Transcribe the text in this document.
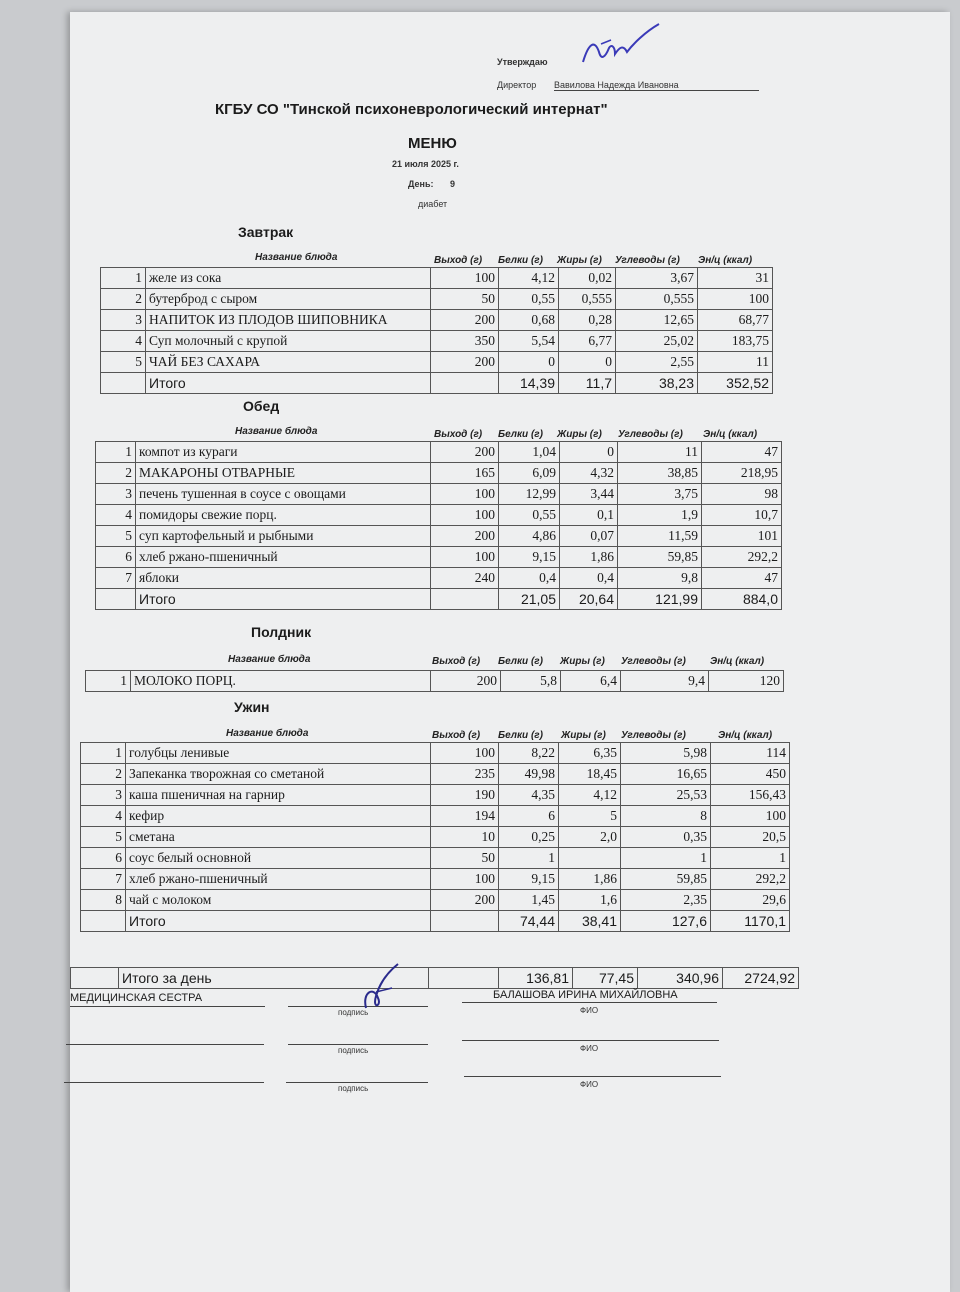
Утверждаю
Директор Вавилова Надежда Ивановна
КГБУ СО "Тинской психоневрологический интернат"
МЕНЮ
21 июля 2025 г.
День: 9
диабет
Завтрак
Название блюда	Выход (г) Белки (г) Жиры (г) Углеводы (г) Эн/ц (ккал)
1	желе из сока	100	4,12	0,02	3,67	31
2	бутерброд с сыром	50	0,55	0,555	0,555	100
3	НАПИТОК ИЗ ПЛОДОВ ШИПОВНИКА	200	0,68	0,28	12,65	68,77
4	Суп молочный с крупой	350	5,54	6,77	25,02	183,75
5	ЧАЙ БЕЗ САХАРА	200	0	0	2,55	11
	Итого		14,39	11,7	38,23	352,52
Обед
Название блюда	Выход (г) Белки (г) Жиры (г) Углеводы (г) Эн/ц (ккал)
1	компот из кураги	200	1,04	0	11	47
2	МАКАРОНЫ ОТВАРНЫЕ	165	6,09	4,32	38,85	218,95
3	печень тушенная в соусе с овощами	100	12,99	3,44	3,75	98
4	помидоры свежие порц.	100	0,55	0,1	1,9	10,7
5	суп картофельный и рыбными	200	4,86	0,07	11,59	101
6	хлеб ржано-пшеничный	100	9,15	1,86	59,85	292,2
7	яблоки	240	0,4	0,4	9,8	47
	Итого		21,05	20,64	121,99	884,0
Полдник
Название блюда	Выход (г) Белки (г) Жиры (г) Углеводы (г) Эн/ц (ккал)
1	МОЛОКО ПОРЦ.	200	5,8	6,4	9,4	120
Ужин
Название блюда	Выход (г) Белки (г) Жиры (г) Углеводы (г)	Эн/ц (ккал)
1	голубцы ленивые	100	8,22	6,35	5,98	114
2	Запеканка творожная со сметаной	235	49,98	18,45	16,65	450
3	каша пшеничная на гарнир	190	4,35	4,12	25,53	156,43
4	кефир	194	6	5	8	100
5	сметана	10	0,25	2,0	0,35	20,5
6	соус белый основной	50	1		1	1
7	хлеб ржано-пшеничный	100	9,15	1,86	59,85	292,2
8	чай с молоком	200	1,45	1,6	2,35	29,6
	Итого		74,44	38,41	127,6	1170,1
	Итого за день		136,81	77,45	340,96	2724,92
МЕДИЦИНСКАЯ СЕСТРА	БАЛАШОВА ИРИНА МИХАЙЛОВНА
подпись	ФИО
подпись	ФИО
подпись	ФИО
